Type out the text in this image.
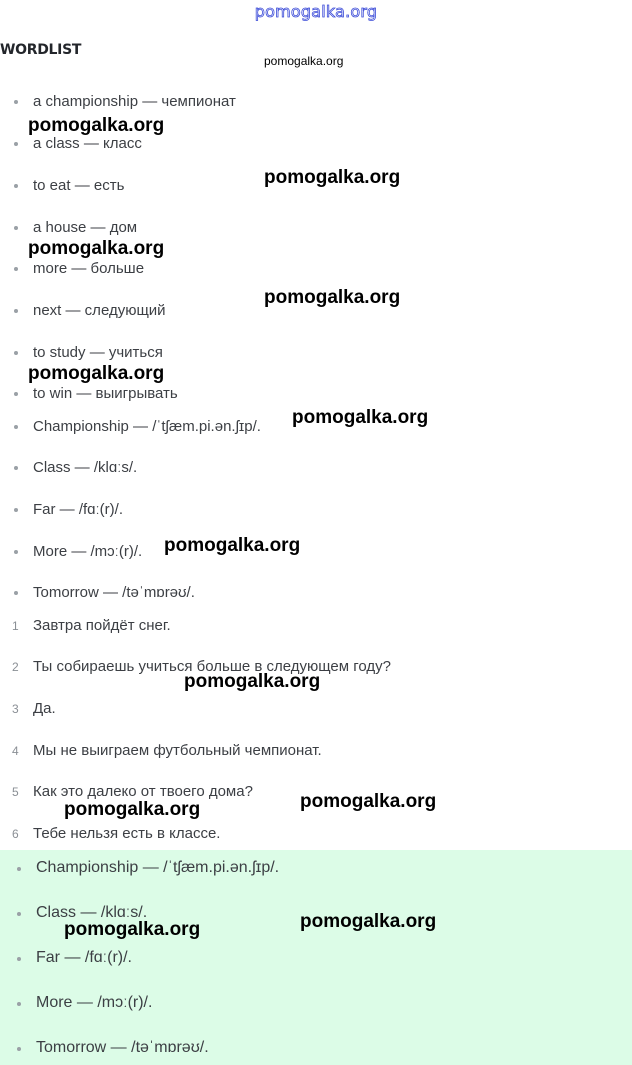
pomogalka.org
WORDLIST
a championship — чемпионат
a class — класс
to eat — есть
a house — дом
more — больше
next — следующий
to study — учиться
to win — выигрывать
Championship — /ˈtʃæm.pi.ən.ʃɪp/.
Class — /klɑːs/.
Far — /fɑː(r)/.
More — /mɔː(r)/.
Tomorrow — /təˈmɒrəʊ/.
1 Завтра пойдёт снег.
2 Ты собираешь учиться больше в следующем году?
3 Да.
4 Мы не выиграем футбольный чемпионат.
5 Как это далеко от твоего дома?
6 Тебе нельзя есть в классе.
Championship — /ˈtʃæm.pi.ən.ʃɪp/.
Class — /klɑːs/.
Far — /fɑː(r)/.
More — /mɔː(r)/.
Tomorrow — /təˈmɒrəʊ/.
pomogalka.org
pomogalka.org
pomogalka.org
pomogalka.org
pomogalka.org
pomogalka.org
pomogalka.org
pomogalka.org
pomogalka.org
pomogalka.org	pomogalka.org
pomogalka.org	pomogalka.org
